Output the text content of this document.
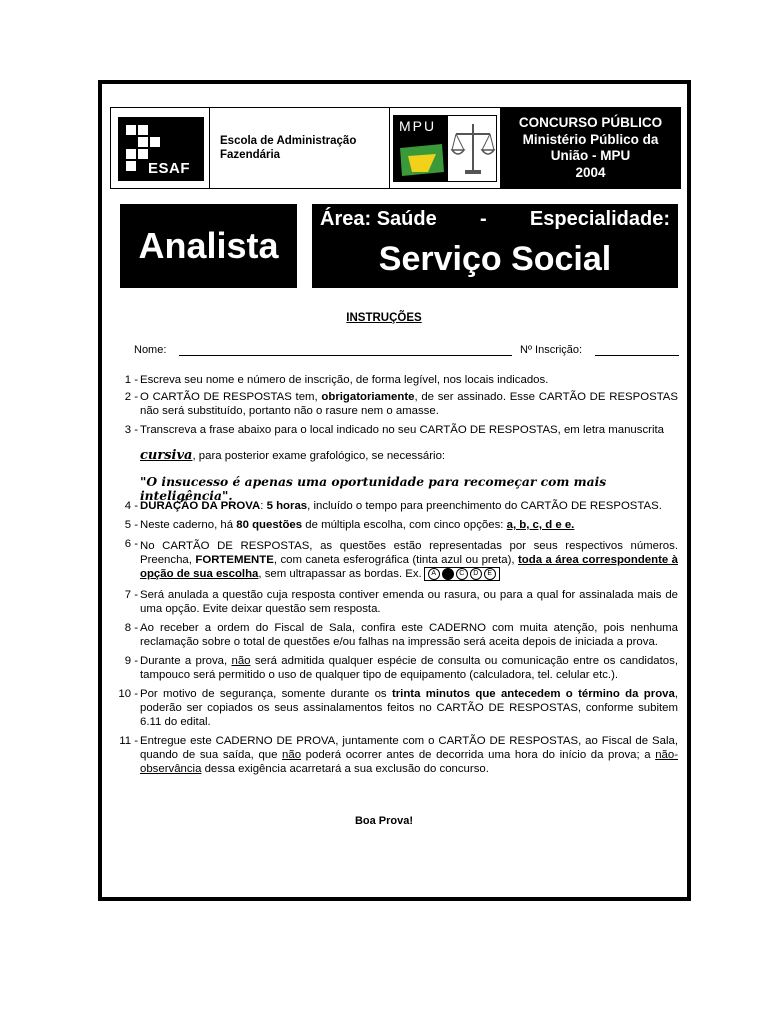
ESAF
Escola de Administração
Fazendária
MPU	CONCURSO PÚBLICO
Ministério Público da
União - MPU
2004
Analista
Área: Saúde - Especialidade:
Serviço Social
INSTRUÇÕES
Nome:	Nº Inscrição:
1 - Escreva seu nome e número de inscrição, de forma legível, nos locais indicados.
2 - O CARTÃO DE RESPOSTAS tem, obrigatoriamente, de ser assinado. Esse CARTÃO DE RESPOSTAS não será substituído, portanto não o rasure nem o amasse.
3 - Transcreva a frase abaixo para o local indicado no seu CARTÃO DE RESPOSTAS, em letra manuscrita
cursiva, para posterior exame grafológico, se necessário:
"O insucesso é apenas uma oportunidade para recomeçar com mais inteligência".
4 - DURAÇÃO DA PROVA: 5 horas, incluído o tempo para preenchimento do CARTÃO DE RESPOSTAS.
5 - Neste caderno, há 80 questões de múltipla escolha, com cinco opções: a, b, c, d e e.
6 - No CARTÃO DE RESPOSTAS, as questões estão representadas por seus respectivos números. Preencha, FORTEMENTE, com caneta esferográfica (tinta azul ou preta), toda a área correspondente à opção de sua escolha, sem ultrapassar as bordas. Ex. A B C D E
7 - Será anulada a questão cuja resposta contiver emenda ou rasura, ou para a qual for assinalada mais de uma opção. Evite deixar questão sem resposta.
8 - Ao receber a ordem do Fiscal de Sala, confira este CADERNO com muita atenção, pois nenhuma reclamação sobre o total de questões e/ou falhas na impressão será aceita depois de iniciada a prova.
9 - Durante a prova, não será admitida qualquer espécie de consulta ou comunicação entre os candidatos, tampouco será permitido o uso de qualquer tipo de equipamento (calculadora, tel. celular etc.).
10 - Por motivo de segurança, somente durante os trinta minutos que antecedem o término da prova, poderão ser copiados os seus assinalamentos feitos no CARTÃO DE RESPOSTAS, conforme subitem 6.11 do edital.
11 - Entregue este CADERNO DE PROVA, juntamente com o CARTÃO DE RESPOSTAS, ao Fiscal de Sala, quando de sua saída, que não poderá ocorrer antes de decorrida uma hora do início da prova; a não-observância dessa exigência acarretará a sua exclusão do concurso.
Boa Prova!
